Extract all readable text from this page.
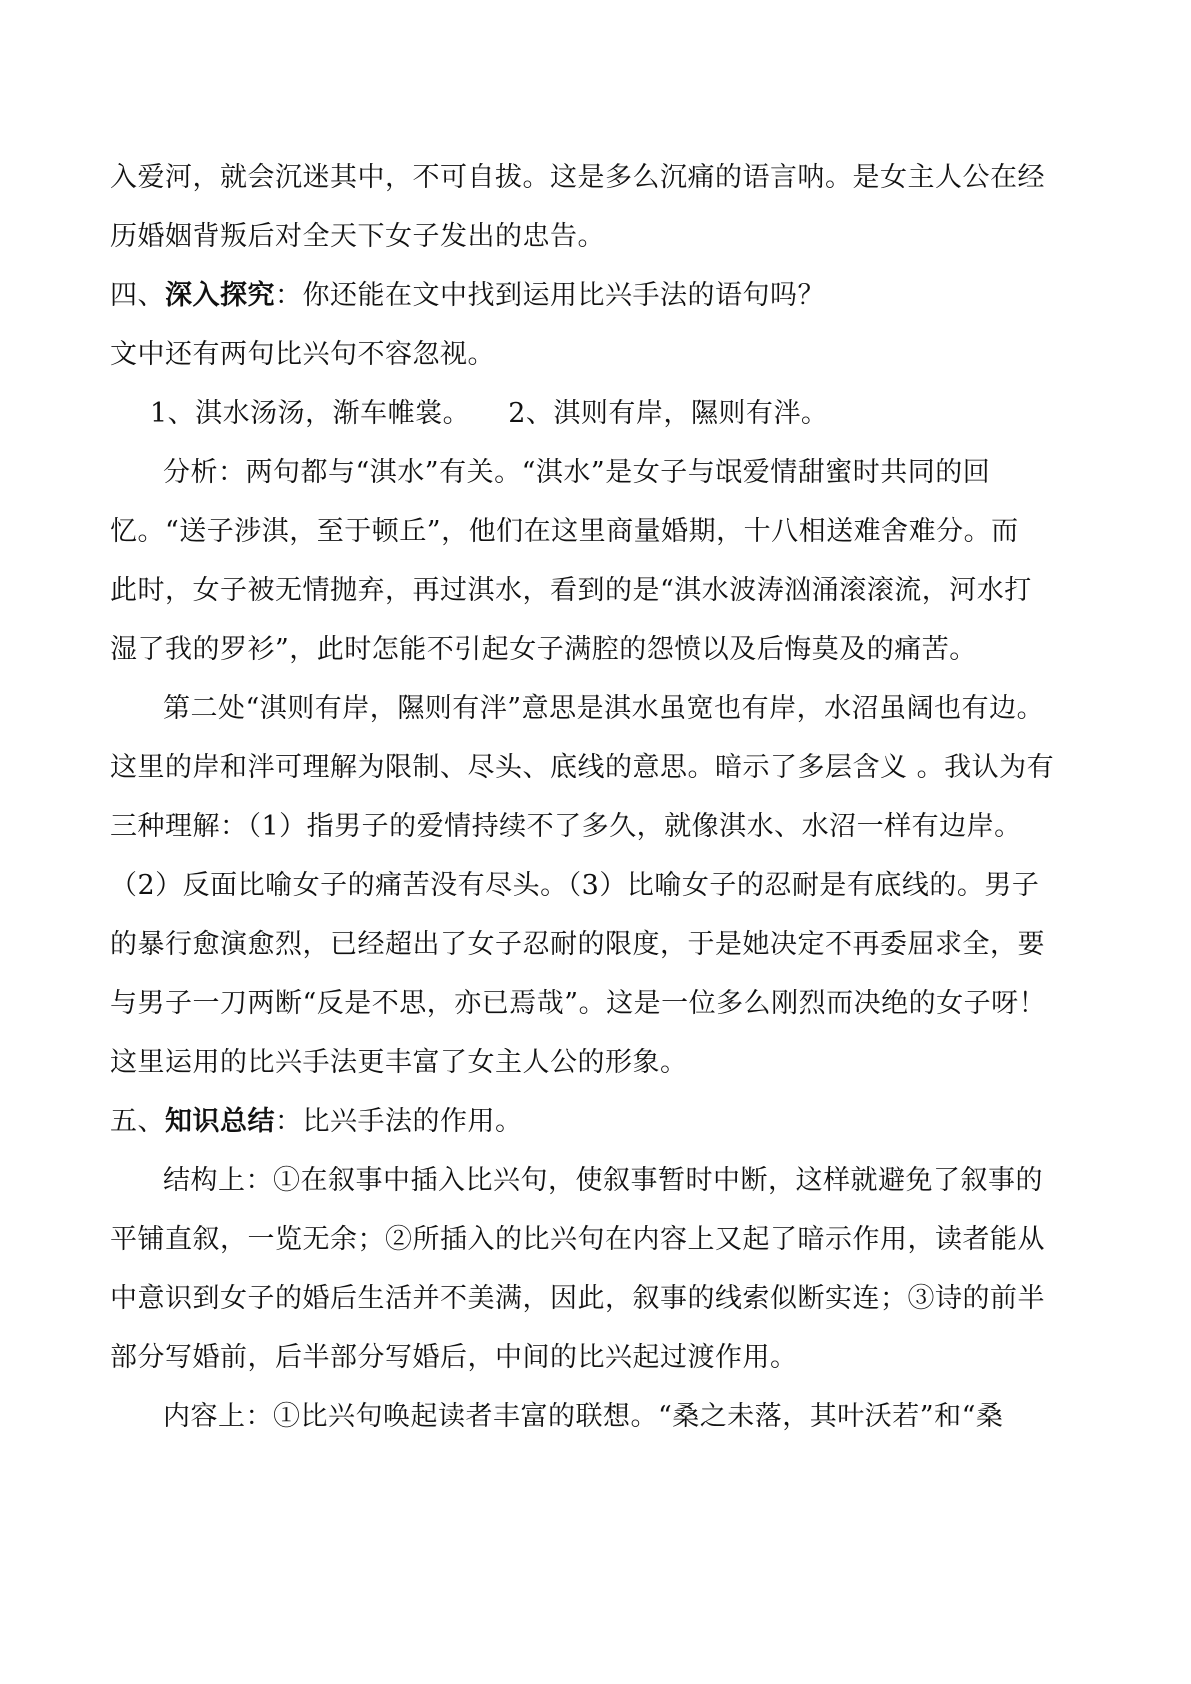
入爱河，就会沉迷其中，不可自拔。这是多么沉痛的语言呐。是女主人公在经
历婚姻背叛后对全天下女子发出的忠告。
四、深入探究：你还能在文中找到运用比兴手法的语句吗？
文中还有两句比兴句不容忽视。
1、淇水汤汤，渐车帷裳。 2、淇则有岸，隰则有泮。
分析：两句都与“淇水”有关。“淇水”是女子与氓爱情甜蜜时共同的回
忆。“送子涉淇，至于顿丘”，他们在这里商量婚期，十八相送难舍难分。而
此时，女子被无情抛弃，再过淇水，看到的是“淇水波涛汹涌滚滚流，河水打
湿了我的罗衫”，此时怎能不引起女子满腔的怨愤以及后悔莫及的痛苦。
第二处“淇则有岸，隰则有泮”意思是淇水虽宽也有岸，水沼虽阔也有边。
这里的岸和泮可理解为限制、尽头、底线的意思。暗示了多层含义 。我认为有
三种理解：（1）指男子的爱情持续不了多久，就像淇水、水沼一样有边岸。
（2）反面比喻女子的痛苦没有尽头。（3）比喻女子的忍耐是有底线的。男子
的暴行愈演愈烈，已经超出了女子忍耐的限度，于是她决定不再委屈求全，要
与男子一刀两断“反是不思，亦已焉哉”。这是一位多么刚烈而决绝的女子呀！
这里运用的比兴手法更丰富了女主人公的形象。
五、知识总结：比兴手法的作用。
结构上：①在叙事中插入比兴句，使叙事暂时中断，这样就避免了叙事的
平铺直叙，一览无余；②所插入的比兴句在内容上又起了暗示作用，读者能从
中意识到女子的婚后生活并不美满，因此，叙事的线索似断实连；③诗的前半
部分写婚前，后半部分写婚后，中间的比兴起过渡作用。
内容上：①比兴句唤起读者丰富的联想。“桑之未落，其叶沃若”和“桑
